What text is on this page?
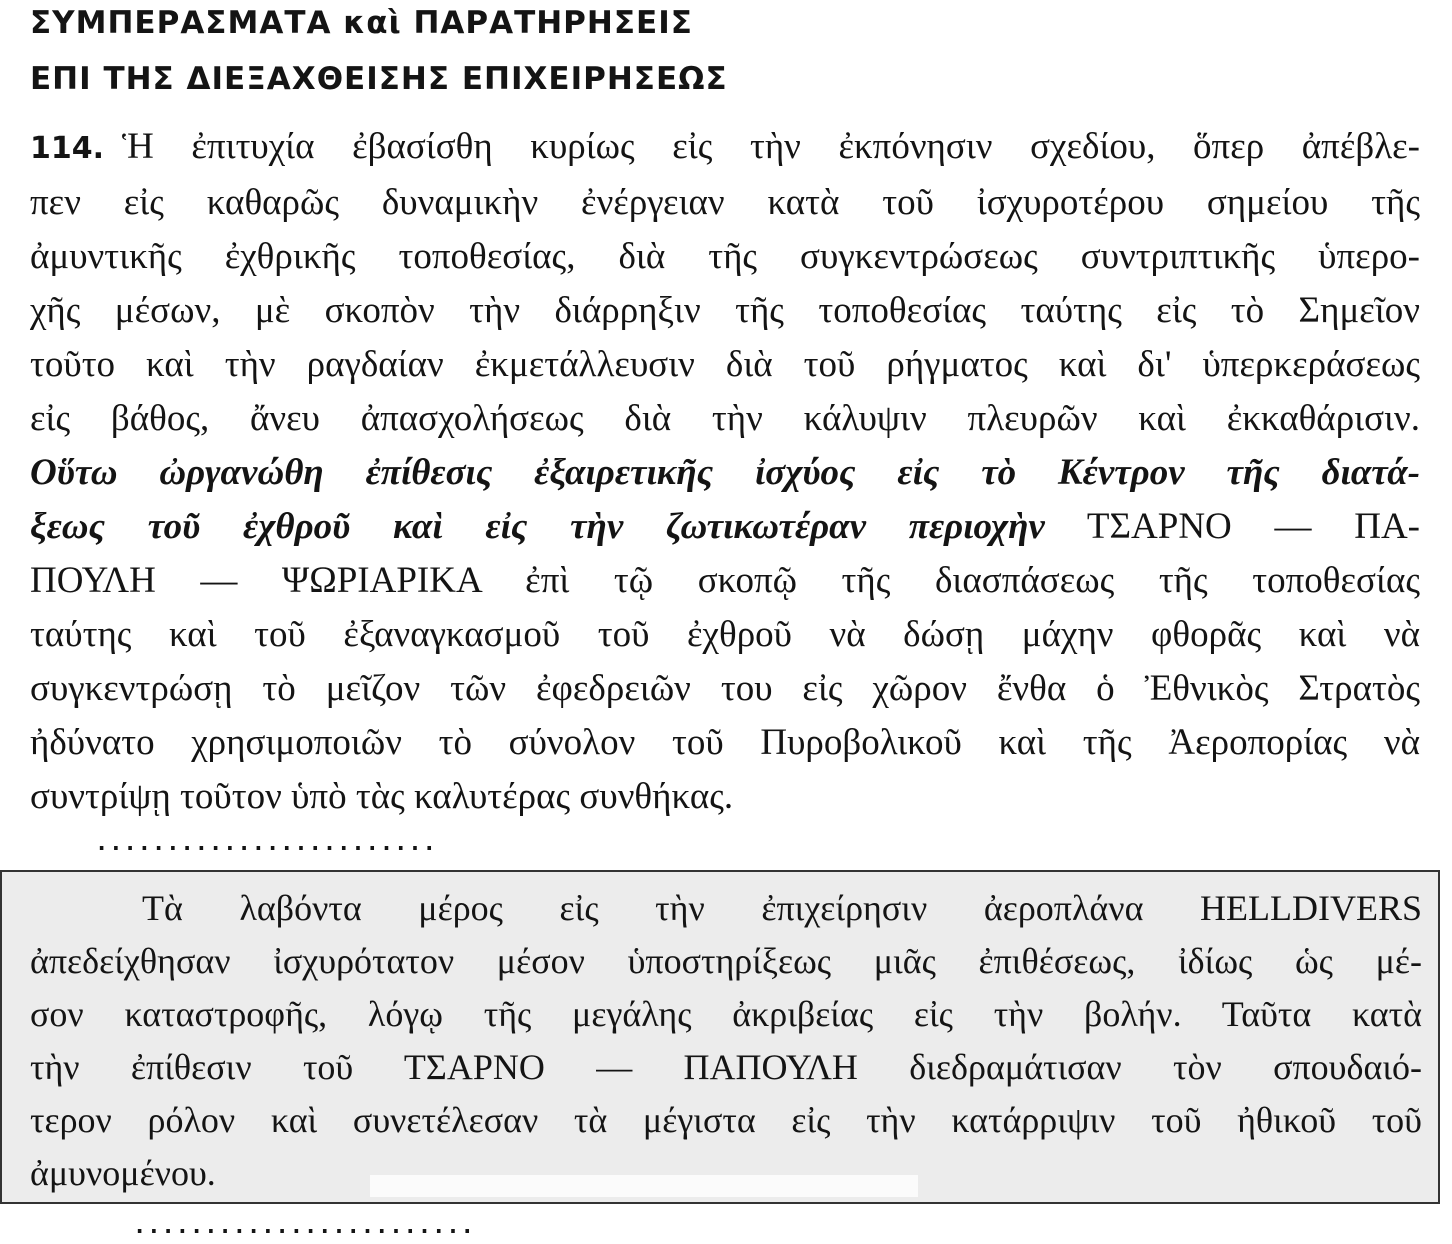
ΣΥΜΠΕΡΑΣΜΑΤΑ καὶ ΠΑΡΑΤΗΡΗΣΕΙΣ
ΕΠΙ ΤΗΣ ΔΙΕΞΑΧΘΕΙΣΗΣ ΕΠΙΧΕΙΡΗΣΕΩΣ
114. Ἡ ἐπιτυχία ἐβασίσθη κυρίως εἰς τὴν ἐκπόνησιν σχεδίου, ὅπερ ἀπέβλε-
πεν εἰς καθαρῶς δυναμικὴν ἐνέργειαν κατὰ τοῦ ἰσχυροτέρου σημείου τῆς
ἀμυντικῆς ἐχθρικῆς τοποθεσίας, διὰ τῆς συγκεντρώσεως συντριπτικῆς ὑπερο-
χῆς μέσων, μὲ σκοπὸν τὴν διάρρηξιν τῆς τοποθεσίας ταύτης εἰς τὸ Σημεῖον
τοῦτο καὶ τὴν ραγδαίαν ἐκμετάλλευσιν διὰ τοῦ ρήγματος καὶ δι' ὑπερκεράσεως
εἰς βάθος, ἄνευ ἀπασχολήσεως διὰ τὴν κάλυψιν πλευρῶν καὶ ἐκκαθάρισιν.
Οὕτω ὠργανώθη ἐπίθεσις ἐξαιρετικῆς ἰσχύος εἰς τὸ Κέντρον τῆς διατά-
ξεως τοῦ ἐχθροῦ καὶ εἰς τὴν ζωτικωτέραν περιοχὴν ΤΣΑΡΝΟ — ΠΑ-
ΠΟΥΛΗ — ΨΩΡΙΑΡΙΚΑ ἐπὶ τῷ σκοπῷ τῆς διασπάσεως τῆς τοποθεσίας
ταύτης καὶ τοῦ ἐξαναγκασμοῦ τοῦ ἐχθροῦ νὰ δώσῃ μάχην φθορᾶς καὶ νὰ
συγκεντρώσῃ τὸ μεῖζον τῶν ἐφεδρειῶν του εἰς χῶρον ἔνθα ὁ Ἐθνικὸς Στρατὸς
ἠδύνατο χρησιμοποιῶν τὸ σύνολον τοῦ Πυροβολικοῦ καὶ τῆς Ἀεροπορίας νὰ
συντρίψῃ τοῦτον ὑπὸ τὰς καλυτέρας συνθήκας.
........................
Τὰ λαβόντα μέρος εἰς τὴν ἐπιχείρησιν ἀεροπλάνα HELLDIVERS
ἀπεδείχθησαν ἰσχυρότατον μέσον ὑποστηρίξεως μιᾶς ἐπιθέσεως, ἰδίως ὡς μέ-
σον καταστροφῆς, λόγῳ τῆς μεγάλης ἀκριβείας εἰς τὴν βολήν. Ταῦτα κατὰ
τὴν ἐπίθεσιν τοῦ ΤΣΑΡΝΟ — ΠΑΠΟΥΛΗ διεδραμάτισαν τὸν σπουδαιό-
τερον ρόλον καὶ συνετέλεσαν τὰ μέγιστα εἰς τὴν κατάρριψιν τοῦ ἠθικοῦ τοῦ
ἀμυνομένου.
........................
